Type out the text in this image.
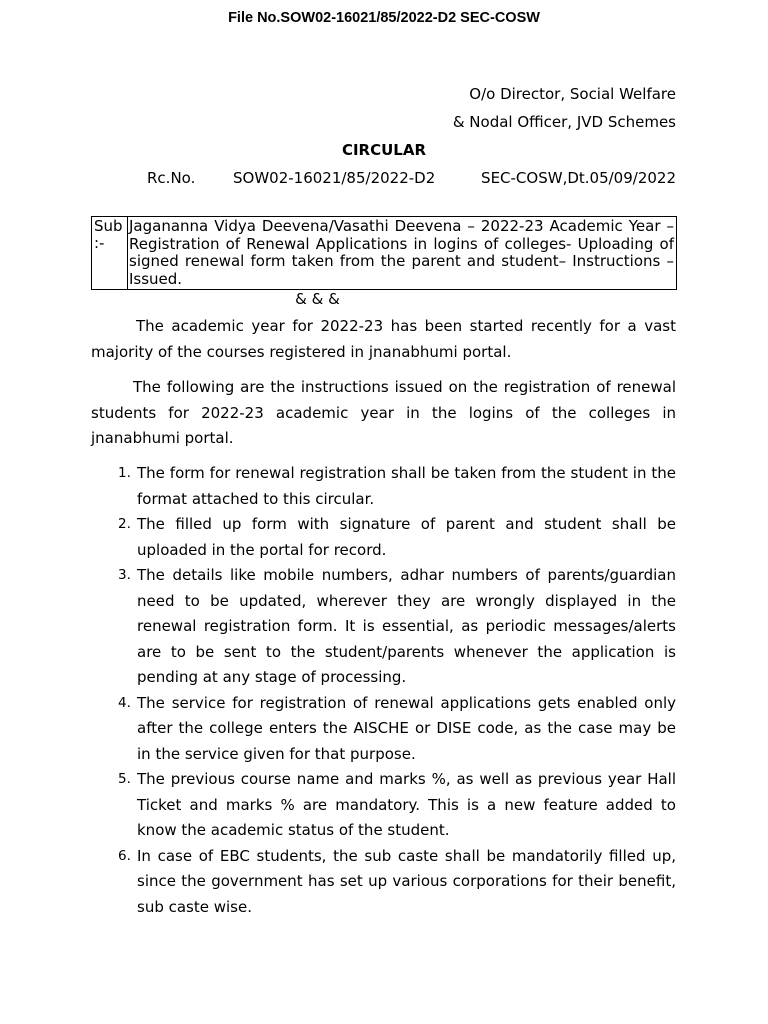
File No.SOW02-16021/85/2022-D2 SEC-COSW
O/o Director, Social Welfare
& Nodal Officer, JVD Schemes
CIRCULAR
Rc.No.	SOW02-16021/85/2022-D2	SEC-COSW,Dt.05/09/2022
Sub :-
Jagananna Vidya Deevena/Vasathi Deevena – 2022-23 Academic Year – Registration of Renewal Applications in logins of colleges- Uploading of signed renewal form taken from the parent and student– Instructions – Issued.
& & &

The academic year for 2022-23 has been started recently for a vast majority of the courses registered in jnanabhumi portal.

The following are the instructions issued on the registration of renewal students for 2022-23 academic year in the logins of the colleges in jnanabhumi portal.

1. The form for renewal registration shall be taken from the student in the format attached to this circular.
2. The filled up form with signature of parent and student shall be uploaded in the portal for record.
3. The details like mobile numbers, adhar numbers of parents/guardian need to be updated, wherever they are wrongly displayed in the renewal registration form. It is essential, as periodic messages/alerts are to be sent to the student/parents whenever the application is pending at any stage of processing.
4. The service for registration of renewal applications gets enabled only after the college enters the AISCHE or DISE code, as the case may be in the service given for that purpose.
5. The previous course name and marks %, as well as previous year Hall Ticket and marks % are mandatory. This is a new feature added to know the academic status of the student.
6. In case of EBC students, the sub caste shall be mandatorily filled up, since the government has set up various corporations for their benefit, sub caste wise.
